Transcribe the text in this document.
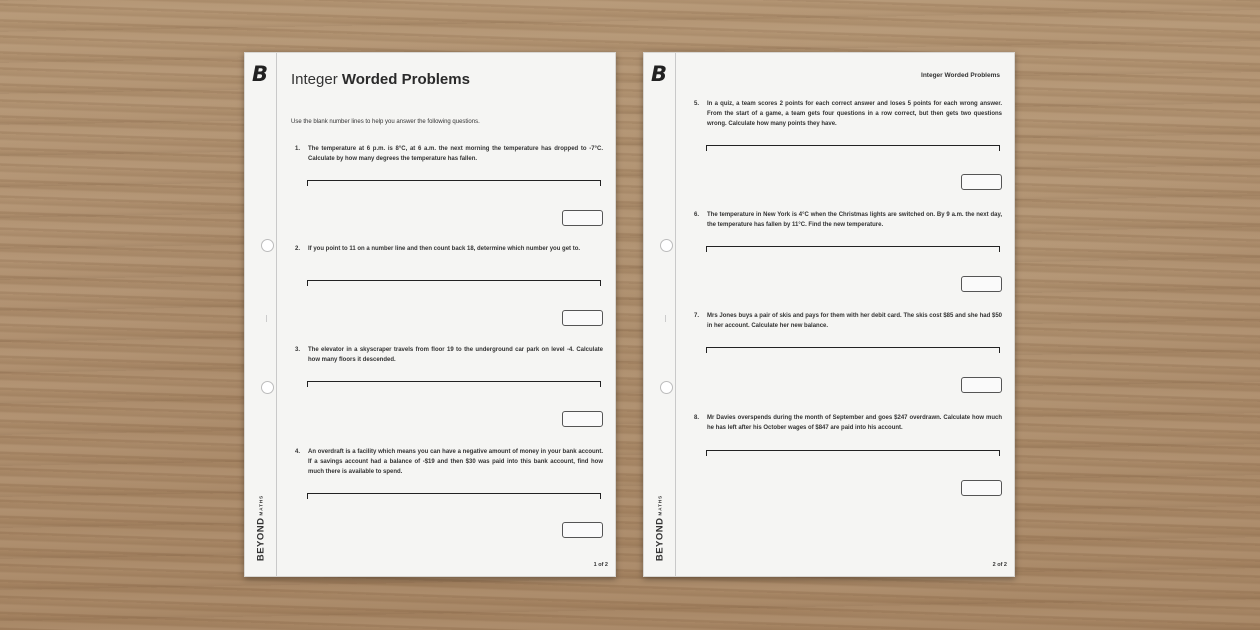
B
BEYONDMATHS
Integer Worded Problems
Use the blank number lines to help you answer the following questions.
1. The temperature at 6 p.m. is 8°C, at 6 a.m. the next morning the temperature has dropped to -7°C. Calculate by how many degrees the temperature has fallen.
2. If you point to 11 on a number line and then count back 18, determine which number you get to.
3. The elevator in a skyscraper travels from floor 19 to the underground car park on level -4. Calculate how many floors it descended.
4. An overdraft is a facility which means you can have a negative amount of money in your bank account. If a savings account had a balance of -$19 and then $30 was paid into this bank account, find how much there is available to spend.
1 of 2
B
BEYONDMATHS
Integer Worded Problems
5. In a quiz, a team scores 2 points for each correct answer and loses 5 points for each wrong answer. From the start of a game, a team gets four questions in a row correct, but then gets two questions wrong. Calculate how many points they have.
6. The temperature in New York is 4°C when the Christmas lights are switched on. By 9 a.m. the next day, the temperature has fallen by 11°C. Find the new temperature.
7. Mrs Jones buys a pair of skis and pays for them with her debit card. The skis cost $85 and she had $50 in her account. Calculate her new balance.
8. Mr Davies overspends during the month of September and goes $247 overdrawn. Calculate how much he has left after his October wages of $847 are paid into his account.
2 of 2
